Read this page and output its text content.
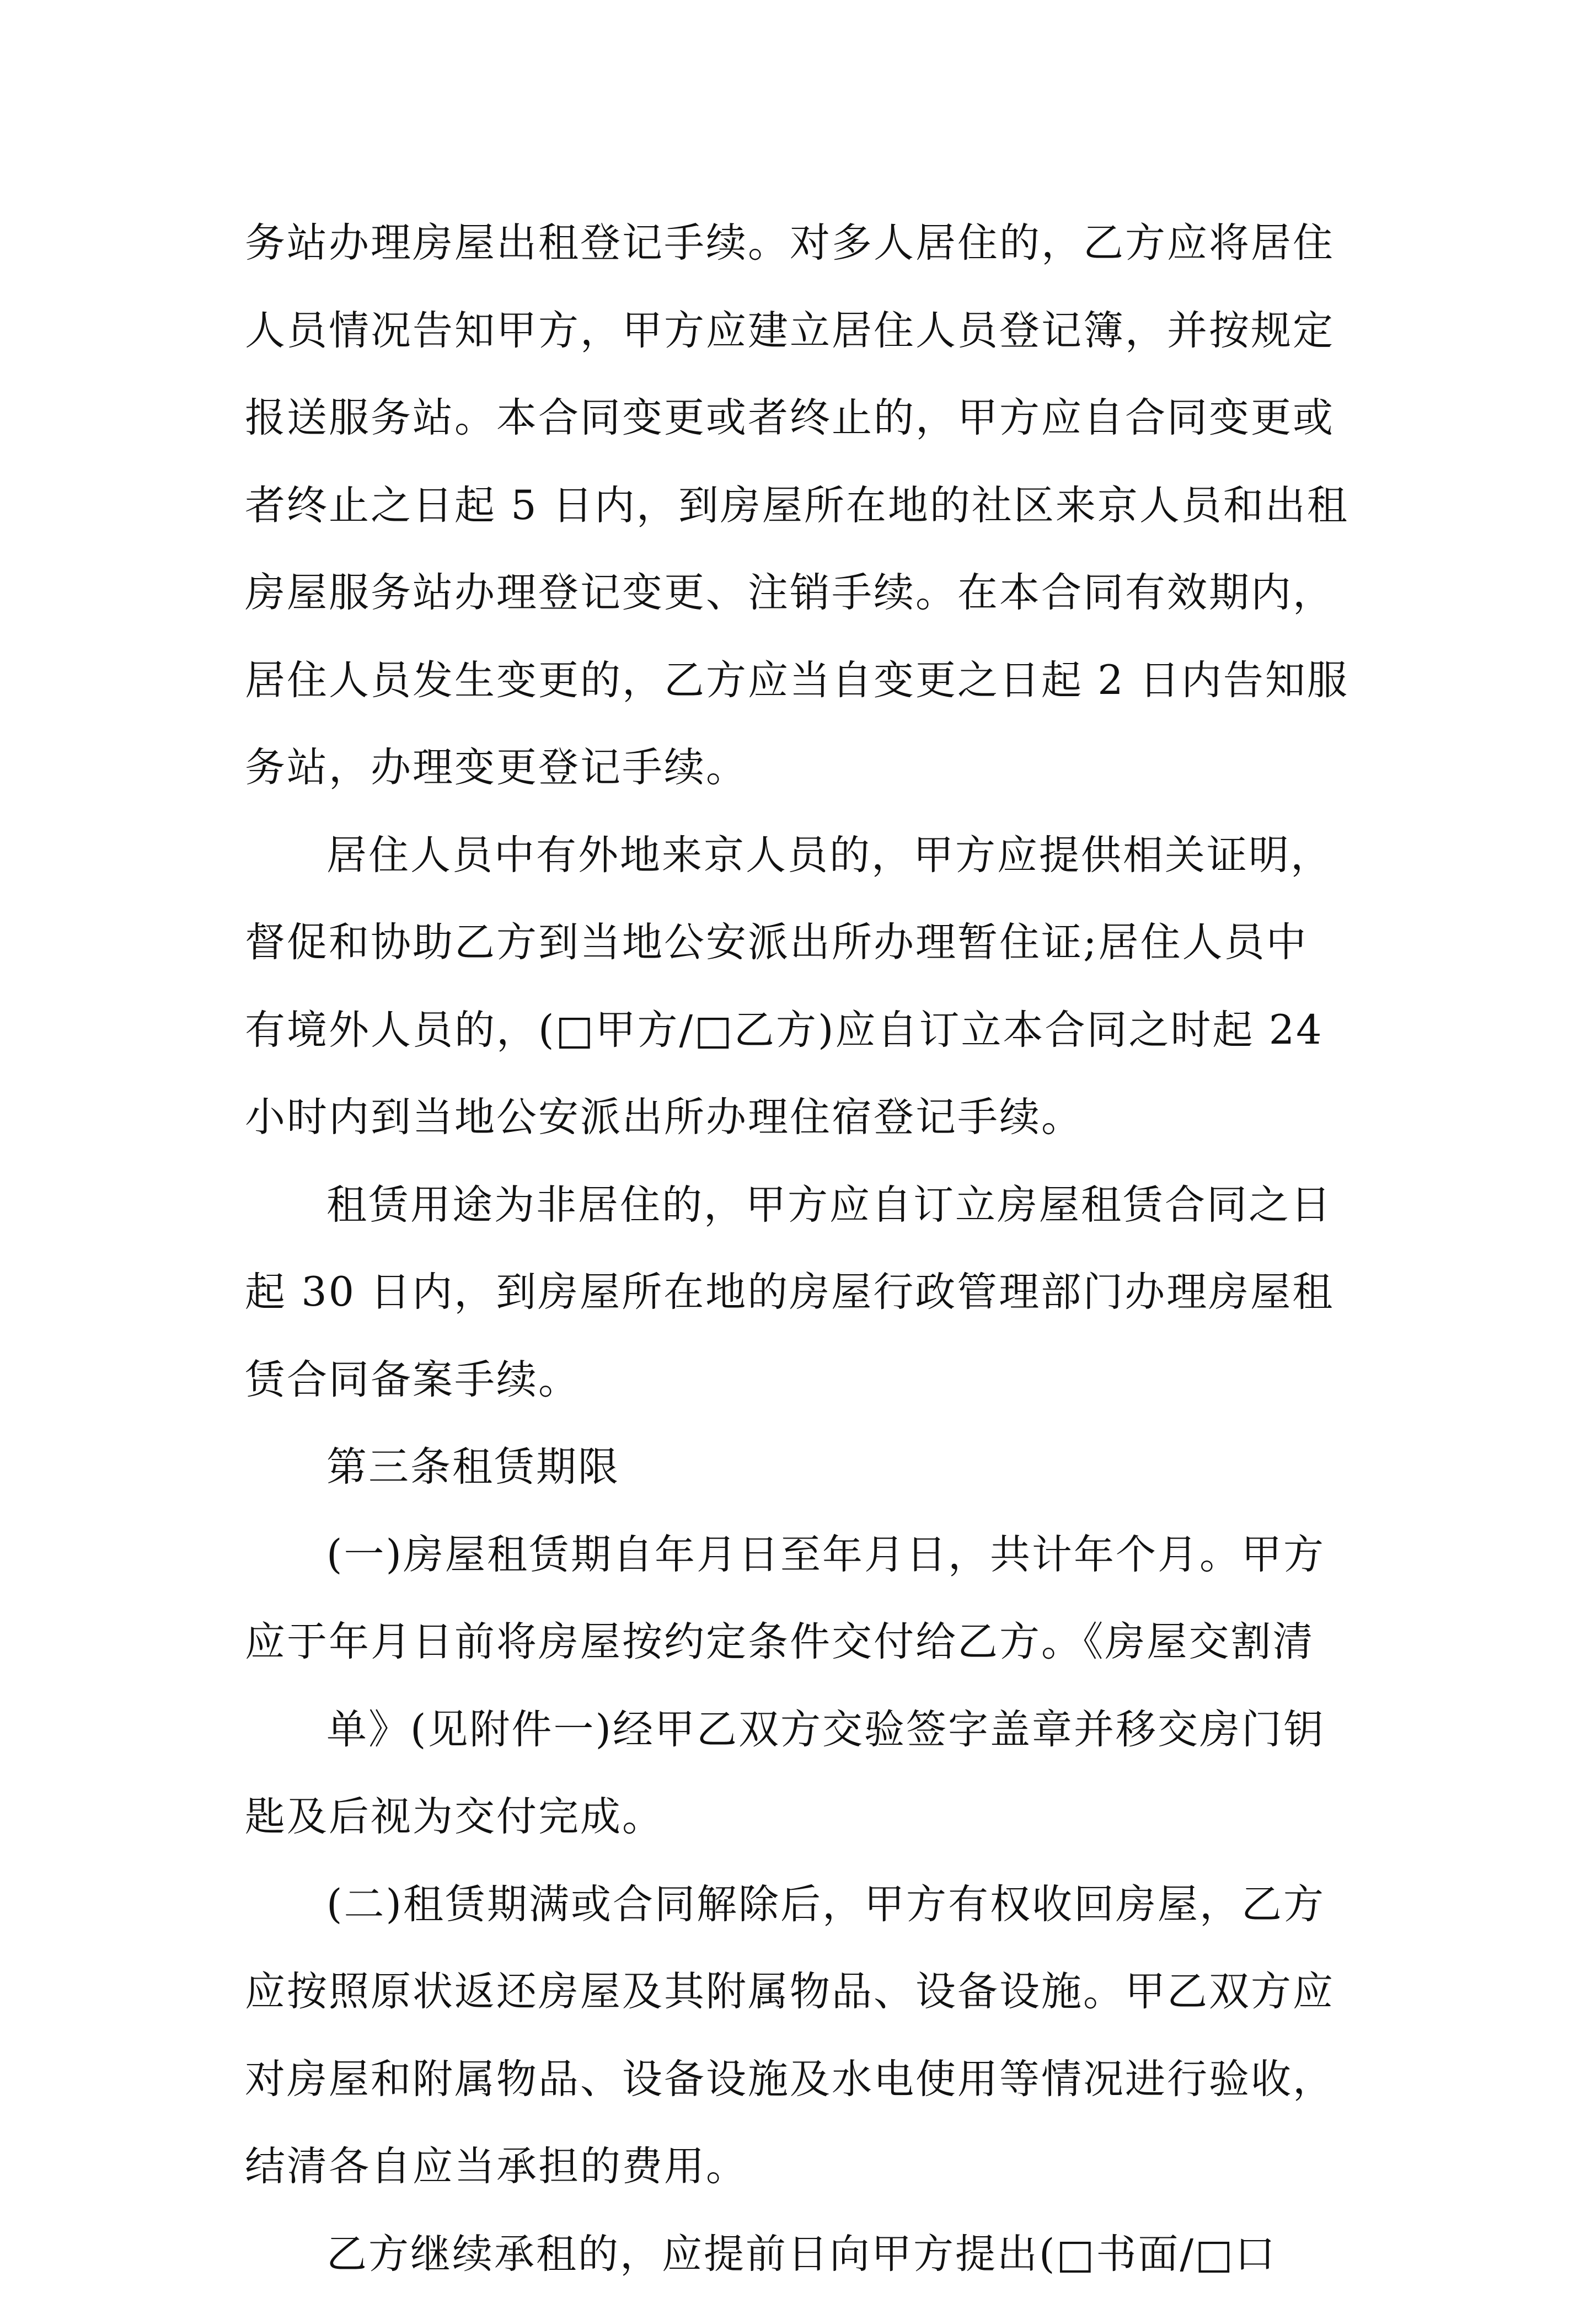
务站办理房屋出租登记手续。对多人居住的，乙方应将居住
人员情况告知甲方，甲方应建立居住人员登记簿，并按规定
报送服务站。本合同变更或者终止的，甲方应自合同变更或
者终止之日起 5 日内，到房屋所在地的社区来京人员和出租
房屋服务站办理登记变更、注销手续。在本合同有效期内，
居住人员发生变更的，乙方应当自变更之日起 2 日内告知服
务站，办理变更登记手续。
居住人员中有外地来京人员的，甲方应提供相关证明，
督促和协助乙方到当地公安派出所办理暂住证;居住人员中
有境外人员的，(□甲方/□乙方)应自订立本合同之时起 24
小时内到当地公安派出所办理住宿登记手续。
租赁用途为非居住的，甲方应自订立房屋租赁合同之日
起 30 日内，到房屋所在地的房屋行政管理部门办理房屋租
赁合同备案手续。
第三条租赁期限
(一)房屋租赁期自年月日至年月日，共计年个月。甲方
应于年月日前将房屋按约定条件交付给乙方。《房屋交割清
单》(见附件一)经甲乙双方交验签字盖章并移交房门钥
匙及后视为交付完成。
(二)租赁期满或合同解除后，甲方有权收回房屋，乙方
应按照原状返还房屋及其附属物品、设备设施。甲乙双方应
对房屋和附属物品、设备设施及水电使用等情况进行验收，
结清各自应当承担的费用。
乙方继续承租的，应提前日向甲方提出(□书面/□口
